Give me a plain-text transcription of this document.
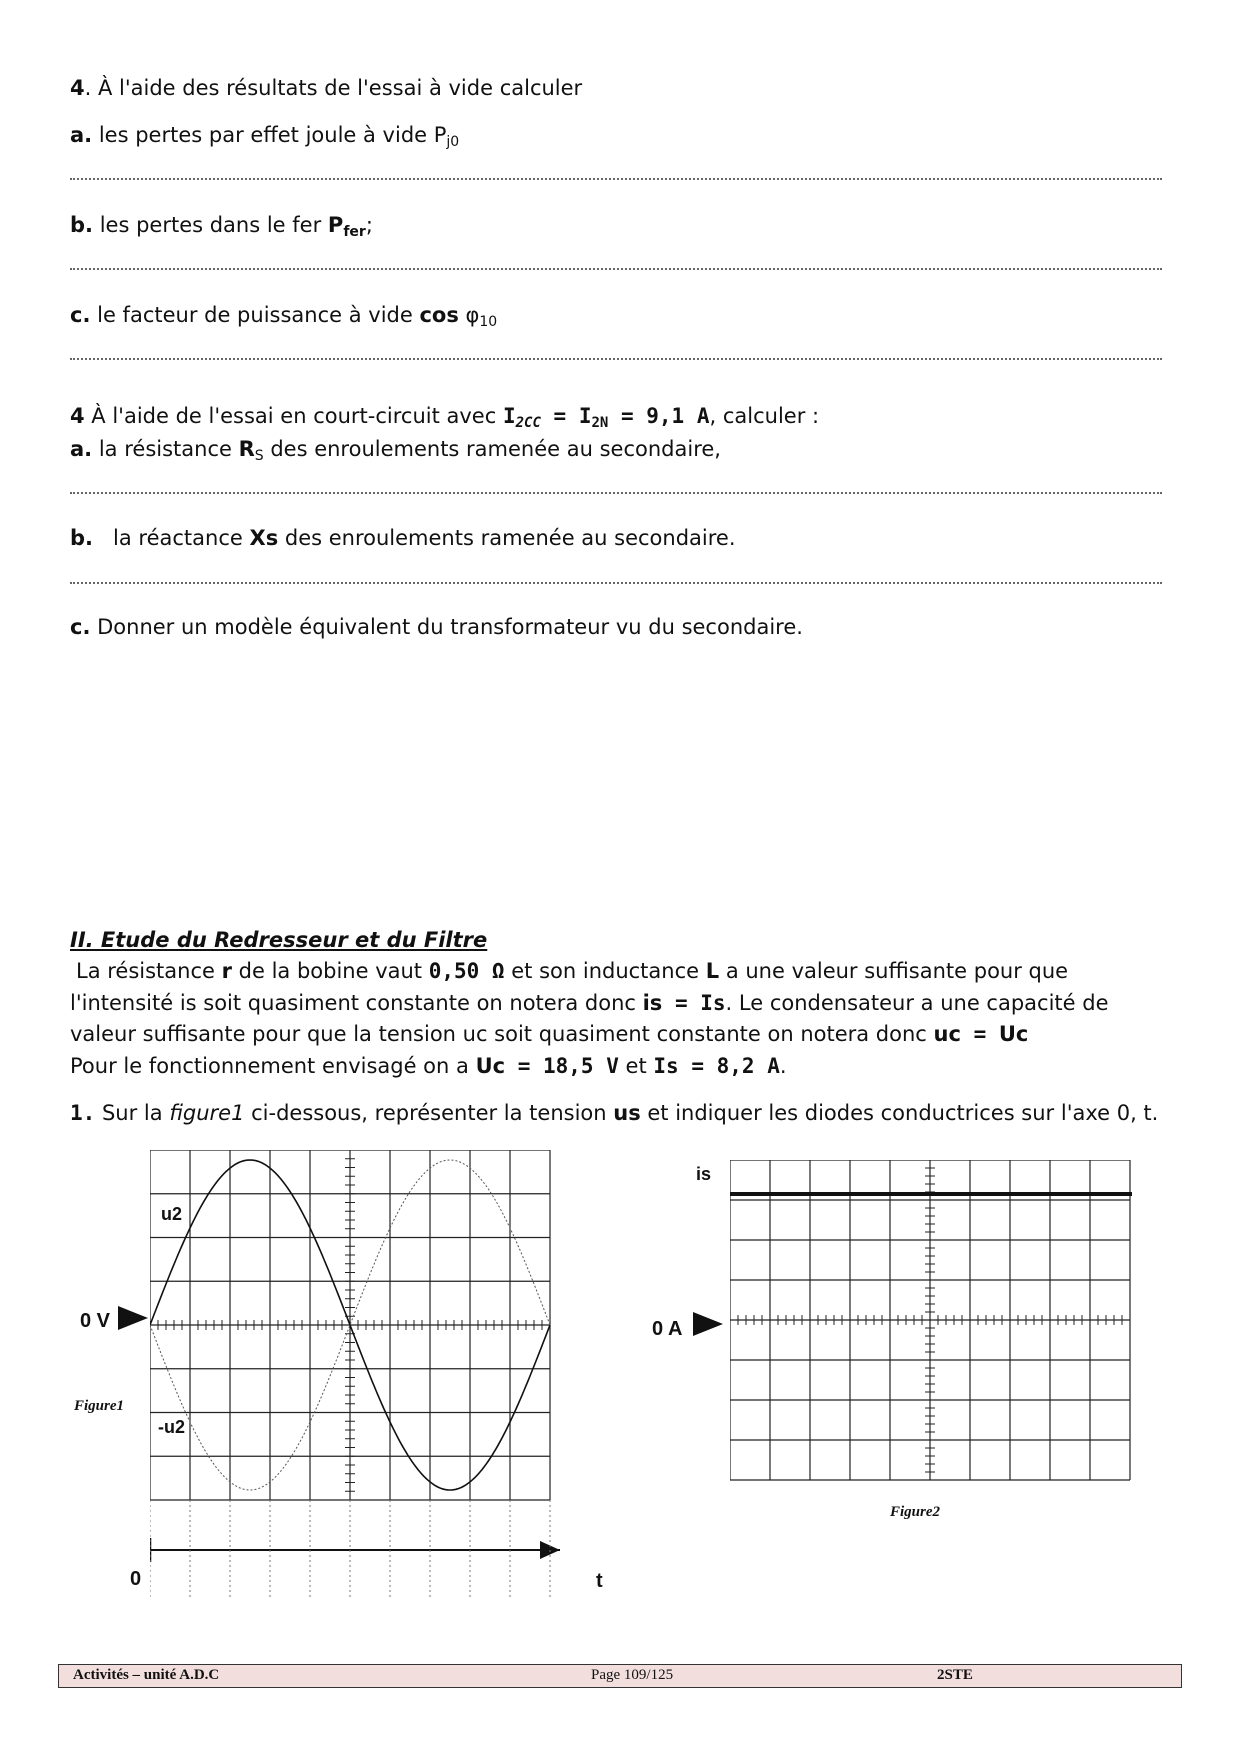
4. À l'aide des résultats de l'essai à vide calculer
a. les pertes par effet joule à vide $P_{j0}$
b. les pertes dans le fer $P_{fer}$;
c. le facteur de puissance à vide $\cos \varphi_{10}$
4 À l'aide de l'essai en court-circuit avec $I_{2CC} = I_{2N} = 9,1$ A, calculer :
a. la résistance $R_S$ des enroulements ramenée au secondaire,
b. la réactance Xs des enroulements ramenée au secondaire.
c. Donner un modèle équivalent du transformateur vu du secondaire.
II. Etude du Redresseur et du Filtre
La résistance r de la bobine vaut 0,50 Ω et son inductance L a une valeur suffisante pour que
l'intensité is soit quasiment constante on notera donc is = Is. Le condensateur a une capacité de
valeur suffisante pour que la tension uc soit quasiment constante on notera donc uc = Uc
Pour le fonctionnement envisagé on a Uc = 18,5 V et Is = 8,2 A.
1. Sur la figure1 ci-dessous, représenter la tension us et indiquer les diodes conductrices sur l'axe 0, t.
0 V
u2
-u2
Figure1
0	t
is
0 A
Figure2
Activités – unité A.D.C	Page 109/125	2STE
